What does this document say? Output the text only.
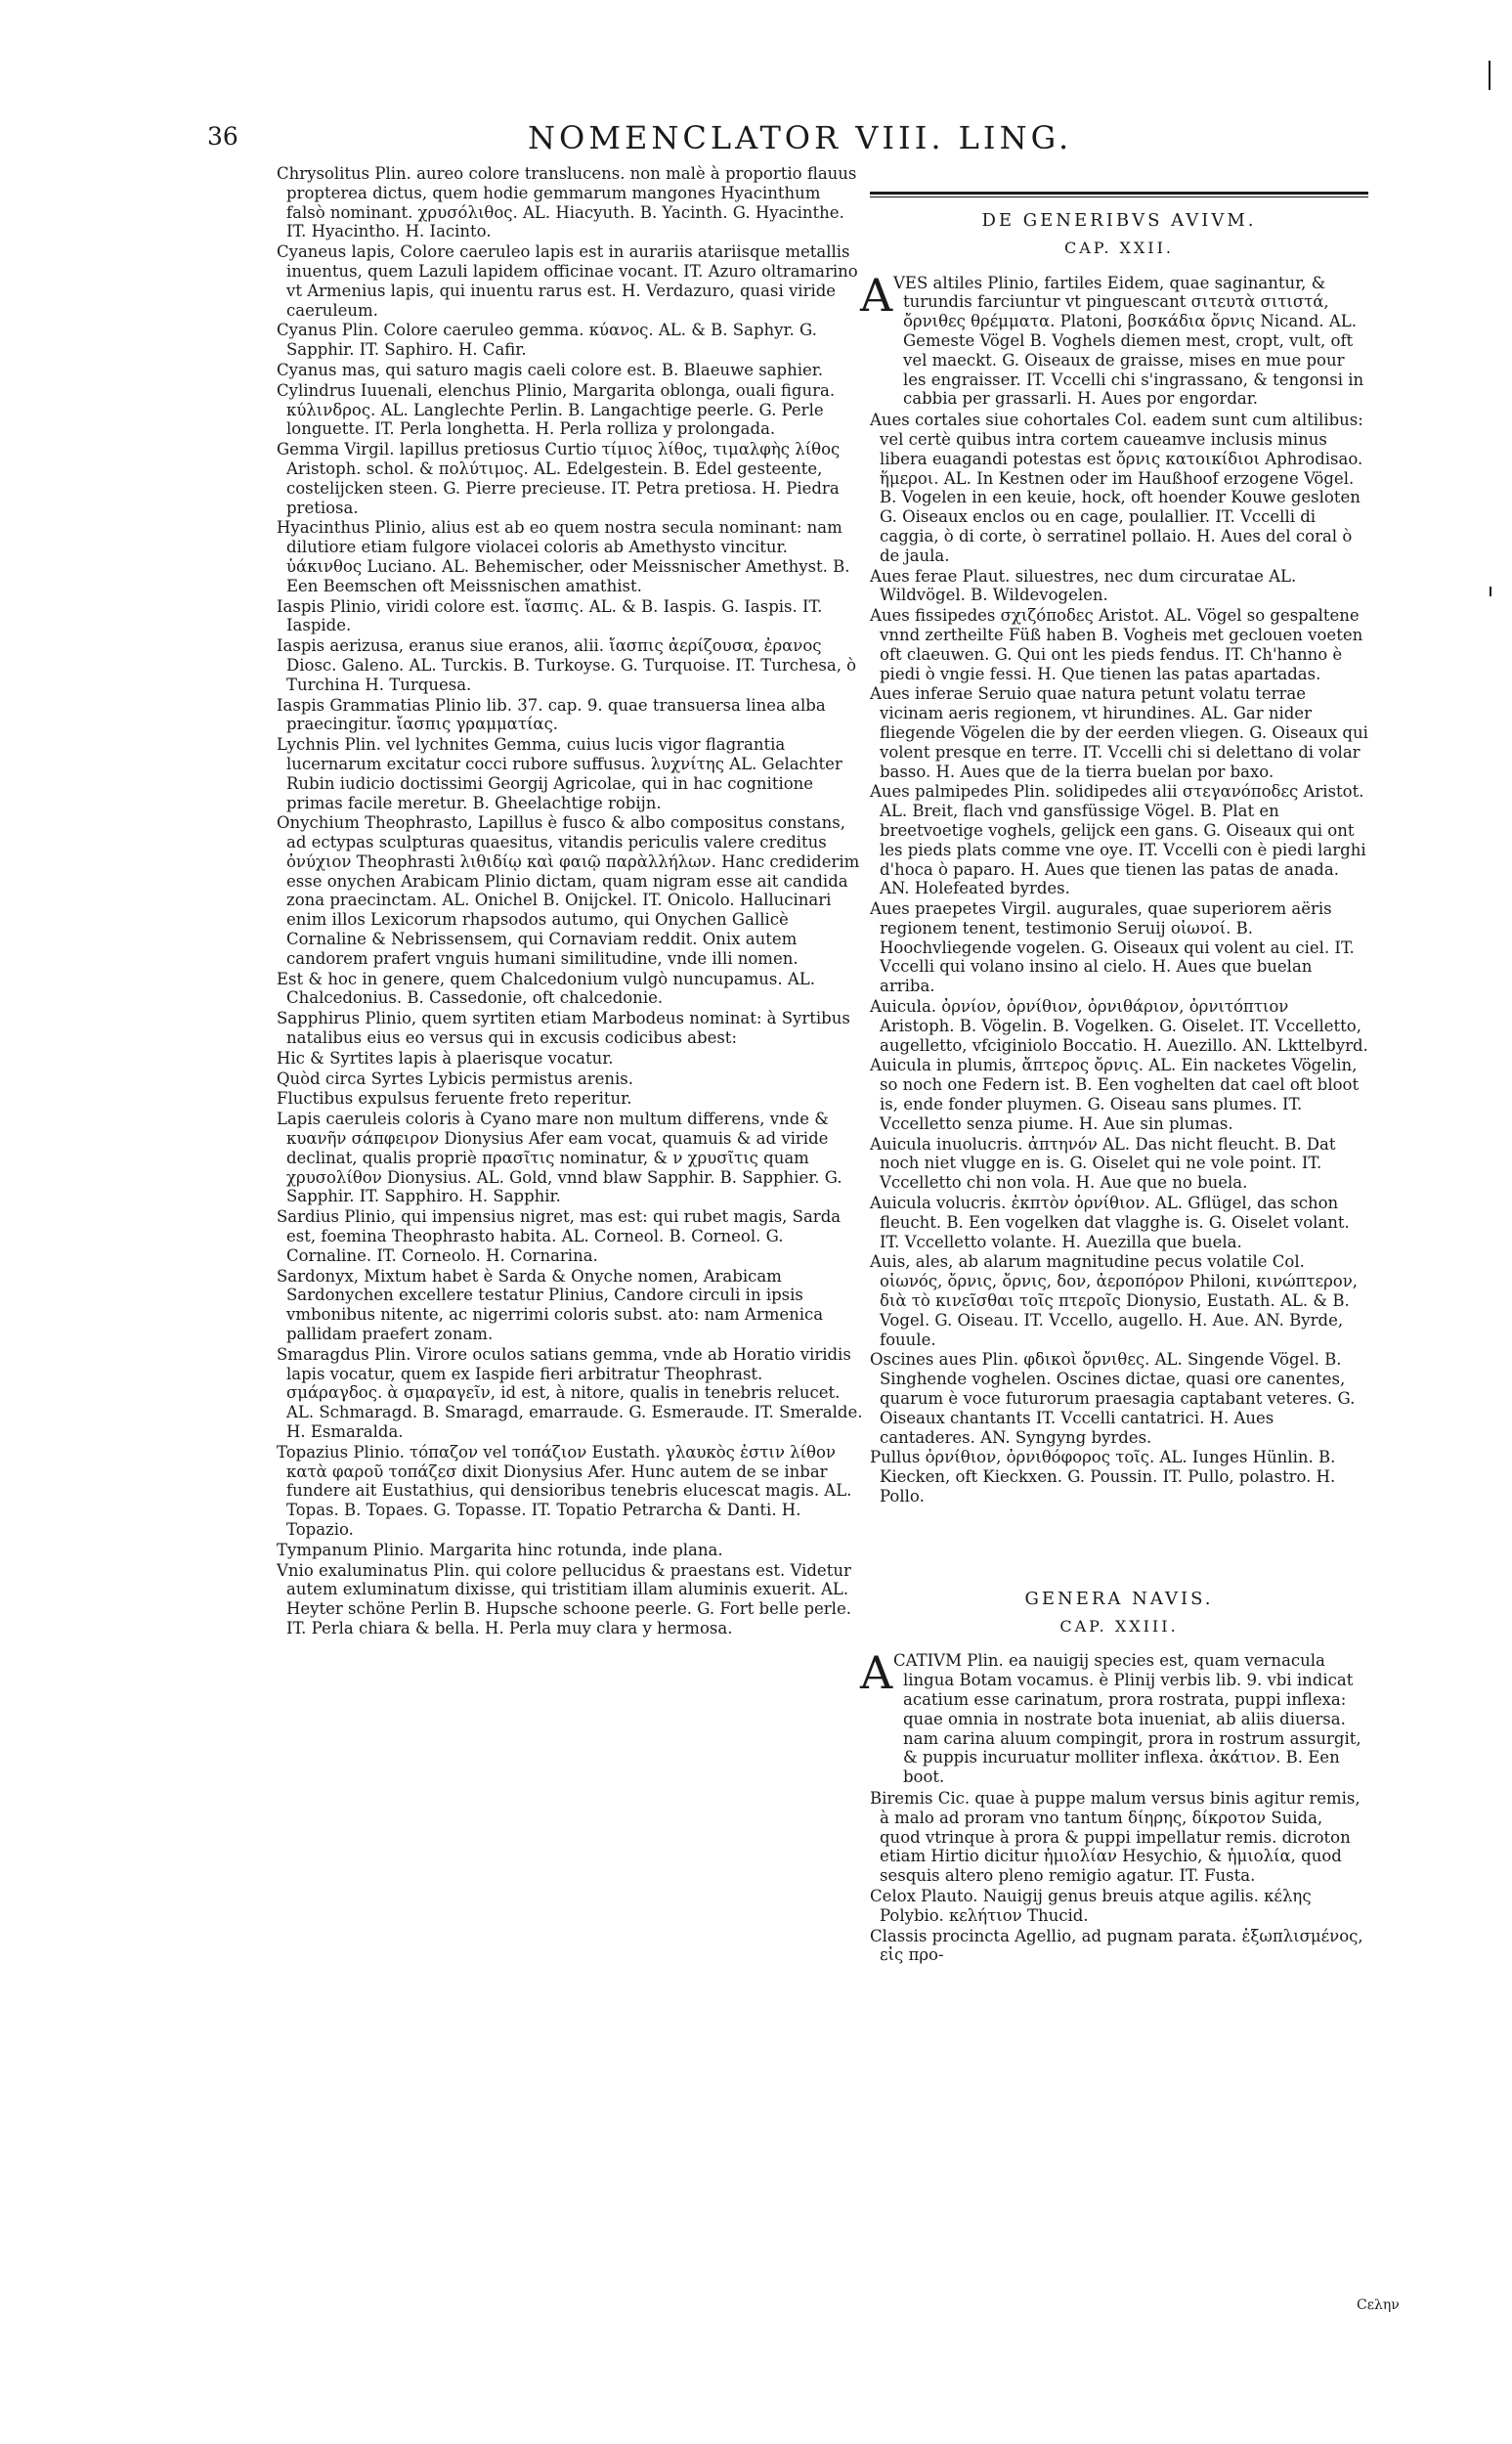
36	NOMENCLATOR VIII. LING.

Chrysolitus Plin. aureo colore translucens. non malè à proportio flauus propterea dictus, quem hodie gemmarum mangones Hyacinthum falsò nominant. χρυσόλιθος. AL. Hiacyuth. B. Yacinth. G. Hyacinthe. IT. Hyacintho. H. Iacinto.

Cyaneus lapis, Colore caeruleo lapis est in aurariis atariisque metallis inuentus, quem Lazuli lapidem officinae vocant. IT. Azuro oltramarino vt Armenius lapis, qui inuentu rarus est. H. Verdazuro, quasi viride caeruleum.

Cyanus Plin. Colore caeruleo gemma. κύανος. AL. & B. Saphyr. G. Sapphir. IT. Saphiro. H. Cafir.

Cyanus mas, qui saturo magis caeli colore est. B. Blaeuwe saphier.

Cylindrus Iuuenali, elenchus Plinio, Margarita oblonga, ouali figura. κύλινδρος. AL. Langlechte Perlin. B. Langachtige peerle. G. Perle longuette. IT. Perla longhetta. H. Perla rolliza y prolongada.

Gemma Virgil. lapillus pretiosus Curtio τίμιος λίθος, τιμαλφὴς λίθος Aristoph. schol. & πολύτιμος. AL. Edelgestein. B. Edel gesteente, costelijcken steen. G. Pierre precieuse. IT. Petra pretiosa. H. Piedra pretiosa.

Hyacinthus Plinio, alius est ab eo quem nostra secula nominant: nam dilutiore etiam fulgore violacei coloris ab Amethysto vincitur. ὑάκινθος Luciano. AL. Behemischer, oder Meissnischer Amethyst. B. Een Beemschen oft Meissnischen amathist.

Iaspis Plinio, viridi colore est. ἴασπις. AL. & B. Iaspis. G. Iaspis. IT. Iaspide.

Iaspis aerizusa, eranus siue eranos, alii. ἴασπις ἀερίζουσα, ἐρανος Diosc. Galeno. AL. Turckis. B. Turkoyse. G. Turquoise. IT. Turchesa, ò Turchina H. Turquesa.

Iaspis Grammatias Plinio lib. 37. cap. 9. quae transuersa linea alba praecingitur. ἴασπις γραμματίας.

Lychnis Plin. vel lychnites Gemma, cuius lucis vigor flagrantia lucernarum excitatur cocci rubore suffusus. λυχνίτης AL. Gelachter Rubin iudicio doctissimi Georgij Agricolae, qui in hac cognitione primas facile meretur. B. Gheelachtige robijn.

Onychium Theophrasto, Lapillus è fusco & albo compositus constans, ad ectypas sculpturas quaesitus, vitandis periculis valere creditus ὀνύχιον Theophrasti λιθιδίῳ καὶ φαιῷ παρὰλλήλων. Hanc crediderim esse onychen Arabicam Plinio dictam, quam nigram esse ait candida zona praecinctam. AL. Onichel B. Onijckel. IT. Onicolo. Hallucinari enim illos Lexicorum rhapsodos autumo, qui Onychen Gallicè Cornaline & Nebrissensem, qui Cornaviam reddit. Onix autem candorem prafert vnguis humani similitudine, vnde illi nomen.

Est & hoc in genere, quem Chalcedonium vulgò nuncupamus. AL. Chalcedonius. B. Cassedonie, oft chalcedonie.

Sapphirus Plinio, quem syrtiten etiam Marbodeus nominat: à Syrtibus natalibus eius eo versus qui in excusis codicibus abest:

Hic & Syrtites lapis à plaerisque vocatur.

Quòd circa Syrtes Lybicis permistus arenis.

Fluctibus expulsus feruente freto reperitur.

Lapis caeruleis coloris à Cyano mare non multum differens, vnde & κυανῆν σάπφειρον Dionysius Afer eam vocat, quamuis & ad viride declinat, qualis propriè πρασῖτις nominatur, & ν χρυσῖτις quam χρυσολίθον Dionysius. AL. Gold, vnnd blaw Sapphir. B. Sapphier. G. Sapphir. IT. Sapphiro. H. Sapphir.

Sardius Plinio, qui impensius nigret, mas est: qui rubet magis, Sarda est, foemina Theophrasto habita. AL. Corneol. B. Corneol. G. Cornaline. IT. Corneolo. H. Cornarina.

Sardonyx, Mixtum habet è Sarda & Onyche nomen, Arabicam Sardonychen excellere testatur Plinius, Candore circuli in ipsis vmbonibus nitente, ac nigerrimi coloris subst. ato: nam Armenica pallidam praefert zonam.

Smaragdus Plin. Virore oculos satians gemma, vnde ab Horatio viridis lapis vocatur, quem ex Iaspide fieri arbitratur Theophrast. σμάραγδος. ὰ σμαραγεῖν, id est, à nitore, qualis in tenebris relucet. AL. Schmaragd. B. Smaragd, emarraude. G. Esmeraude. IT. Smeralde. H. Esmaralda.

Topazius Plinio. τόπαζον vel τοπάζιον Eustath. γλαυκὸς ἐστιν λίθον κατὰ φαροῦ τοπάζεσ dixit Dionysius Afer. Hunc autem de se inbar fundere ait Eustathius, qui densioribus tenebris elucescat magis. AL. Topas. B. Topaes. G. Topasse. IT. Topatio Petrarcha & Danti. H. Topazio.

Tympanum Plinio. Margarita hinc rotunda, inde plana.

Vnio exaluminatus Plin. qui colore pellucidus & praestans est. Videtur autem exluminatum dixisse, qui tristitiam illam aluminis exuerit. AL. Heyter schöne Perlin B. Hupsche schoone peerle. G. Fort belle perle. IT. Perla chiara & bella. H. Perla muy clara y hermosa.

DE GENERIBVS AVIVM.
CAP. XXII.

A VES altiles Plinio, fartiles Eidem, quae saginantur, & turundis farciuntur vt pinguescant σιτευτὰ σιτιστά, ὄρνιθες θρέμματα. Platoni, βοσκάδια ὄρνις Nicand. AL. Gemeste Vögel B. Voghels diemen mest, cropt, vult, oft vel maeckt. G. Oiseaux de graisse, mises en mue pour les engraisser. IT. Vccelli chi s'ingrassano, & tengonsi in cabbia per grassarli. H. Aues por engordar.

Aues cortales siue cohortales Col. eadem sunt cum altilibus: vel certè quibus intra cortem caueamve inclusis minus libera euagandi potestas est ὄρνις κατοικίδιοι Aphrodisao. ἥμεροι. AL. In Kestnen oder im Haußhoof erzogene Vögel. B. Vogelen in een keuie, hock, oft hoender Kouwe gesloten G. Oiseaux enclos ou en cage, poulallier. IT. Vccelli di caggia, ò di corte, ò serratinel pollaio. H. Aues del coral ò de jaula.

Aues ferae Plaut. siluestres, nec dum circuratae AL. Wildvögel. B. Wildevogelen.

Aues fissipedes σχιζόποδες Aristot. AL. Vögel so gespaltene vnnd zertheilte Füß haben B. Vogheis met geclouen voeten oft claeuwen. G. Qui ont les pieds fendus. IT. Ch'hanno è piedi ò vngie fessi. H. Que tienen las patas apartadas.

Aues inferae Seruio quae natura petunt volatu terrae vicinam aeris regionem, vt hirundines. AL. Gar nider fliegende Vögelen die by der eerden vliegen. G. Oiseaux qui volent presque en terre. IT. Vccelli chi si delettano di volar basso. H. Aues que de la tierra buelan por baxo.

Aues palmipedes Plin. solidipedes alii στεγανόποδες Aristot. AL. Breit, flach vnd gansfüssige Vögel. B. Plat en breetvoetige voghels, gelijck een gans. G. Oiseaux qui ont les pieds plats comme vne oye. IT. Vccelli con è piedi larghi d'hoca ò paparo. H. Aues que tienen las patas de anada. AN. Holefeated byrdes.

Aues praepetes Virgil. augurales, quae superiorem aëris regionem tenent, testimonio Seruij οἰωνοί. B. Hoochvliegende vogelen. G. Oiseaux qui volent au ciel. IT. Vccelli qui volano insino al cielo. H. Aues que buelan arriba.

Auicula. ὀρνίον, ὀρνίθιον, ὀρνιθάριον, ὀρνιτόπτιον Aristoph. B. Vögelin. B. Vogelken. G. Oiselet. IT. Vccelletto, augelletto, vfciginiolo Boccatio. H. Auezillo. AN. Lkttelbyrd.

Auicula in plumis, ἄπτερος ὄρνις. AL. Ein nacketes Vögelin, so noch one Federn ist. B. Een voghelten dat cael oft bloot is, ende fonder pluymen. G. Oiseau sans plumes. IT. Vccelletto senza piume. H. Aue sin plumas.

Auicula inuolucris. ἀπτηνόν AL. Das nicht fleucht. B. Dat noch niet vlugge en is. G. Oiselet qui ne vole point. IT. Vccelletto chi non vola. H. Aue que no buela.

Auicula volucris. ἐκπτὸν ὀρνίθιον. AL. Gflügel, das schon fleucht. B. Een vogelken dat vlagghe is. G. Oiselet volant. IT. Vccelletto volante. H. Auezilla que buela.

Auis, ales, ab alarum magnitudine pecus volatile Col. οἰωνός, ὄρνις, ὄρνις, δον, ἀεροπόρον Philoni, κινώπτερον, διὰ τὸ κινεῖσθαι τοῖς πτεροῖς Dionysio, Eustath. AL. & B. Vogel. G. Oiseau. IT. Vccello, augello. H. Aue. AN. Byrde, fouule.

Oscines aues Plin. φδικοὶ ὄρνιθες. AL. Singende Vögel. B. Singhende voghelen. Oscines dictae, quasi ore canentes, quarum è voce futurorum praesagia captabant veteres. G. Oiseaux chantants IT. Vccelli cantatrici. H. Aues cantaderes. AN. Syngyng byrdes.

Pullus ὀρνίθιον, ὀρνιθόφορος τοῖς. AL. Iunges Hünlin. B. Kiecken, oft Kieckxen. G. Poussin. IT. Pullo, polastro. H. Pollo.

GENERA NAVIS.
CAP. XXIII.

A CATIVM Plin. ea nauigij species est, quam vernacula lingua Botam vocamus. è Plinij verbis lib. 9. vbi indicat acatium esse carinatum, prora rostrata, puppi inflexa: quae omnia in nostrate bota inueniat, ab aliis diuersa. nam carina aluum compingit, prora in rostrum assurgit, & puppis incuruatur molliter inflexa. ἀκάτιον. B. Een boot.

Biremis Cic. quae à puppe malum versus binis agitur remis, à malo ad proram vno tantum δίηρης, δίκροτον Suida, quod vtrinque à prora & puppi impellatur remis. dicroton etiam Hirtio dicitur ἡμιολίαν Hesychio, & ἡμιολία, quod sesquis altero pleno remigio agatur. IT. Fusta.

Celox Plauto. Nauigij genus breuis atque agilis. κέλης Polybio. κελήτιον Thucid.

Classis procincta Agellio, ad pugnam parata. ἐξωπλισμένος, εἰς προ-

Cελην
